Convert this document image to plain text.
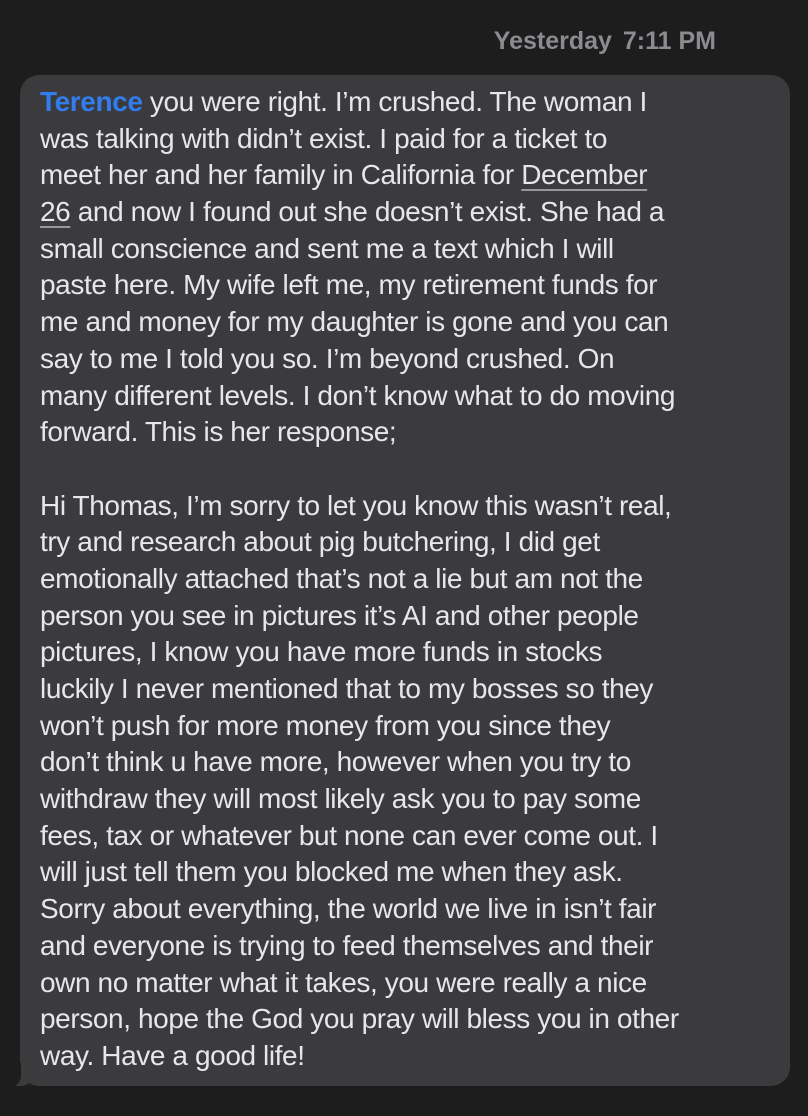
Yesterday 7:11 PM
Terence you were right. I’m crushed. The woman I
was talking with didn’t exist. I paid for a ticket to
meet her and her family in California for December
26 and now I found out she doesn’t exist. She had a
small conscience and sent me a text which I will
paste here. My wife left me, my retirement funds for
me and money for my daughter is gone and you can
say to me I told you so. I’m beyond crushed. On
many different levels. I don’t know what to do moving
forward. This is her response;

Hi Thomas, I’m sorry to let you know this wasn’t real,
try and research about pig butchering, I did get
emotionally attached that’s not a lie but am not the
person you see in pictures it’s AI and other people
pictures, I know you have more funds in stocks
luckily I never mentioned that to my bosses so they
won’t push for more money from you since they
don’t think u have more, however when you try to
withdraw they will most likely ask you to pay some
fees, tax or whatever but none can ever come out. I
will just tell them you blocked me when they ask.
Sorry about everything, the world we live in isn’t fair
and everyone is trying to feed themselves and their
own no matter what it takes, you were really a nice
person, hope the God you pray will bless you in other
way. Have a good life!
